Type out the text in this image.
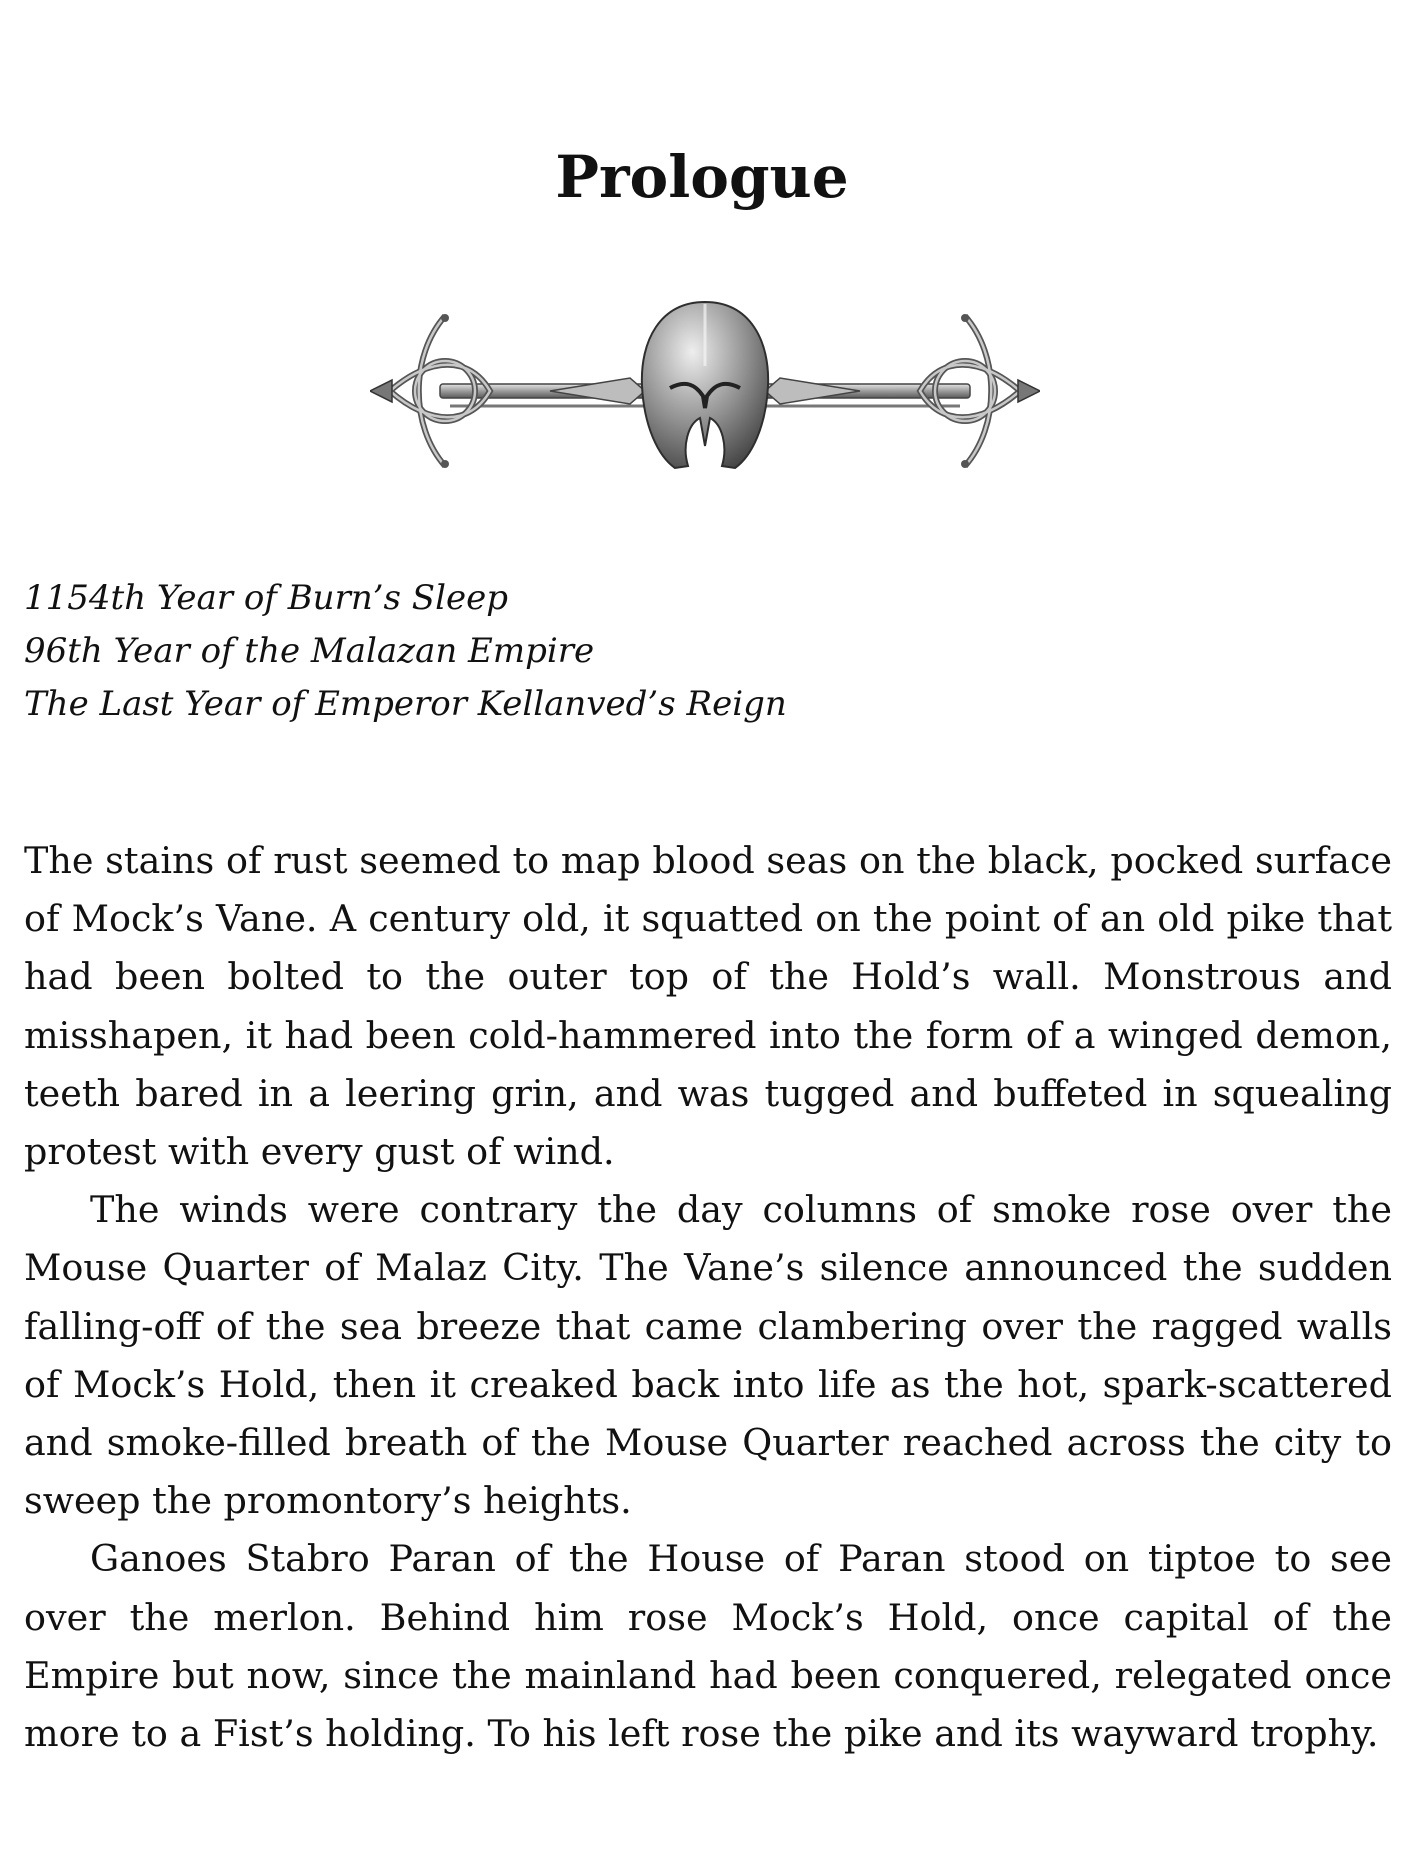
Prologue
1154th Year of Burn’s Sleep
96th Year of the Malazan Empire
The Last Year of Emperor Kellanved’s Reign

The stains of rust seemed to map blood seas on the black, pocked surface of Mock’s Vane. A century old, it squatted on the point of an old pike that had been bolted to the outer top of the Hold’s wall. Monstrous and misshapen, it had been cold-hammered into the form of a winged demon, teeth bared in a leering grin, and was tugged and buffeted in squealing protest with every gust of wind.

The winds were contrary the day columns of smoke rose over the Mouse Quarter of Malaz City. The Vane’s silence announced the sudden falling-off of the sea breeze that came clambering over the ragged walls of Mock’s Hold, then it creaked back into life as the hot, spark-scattered and smoke-filled breath of the Mouse Quarter reached across the city to sweep the promontory’s heights.

Ganoes Stabro Paran of the House of Paran stood on tiptoe to see over the merlon. Behind him rose Mock’s Hold, once capital of the Empire but now, since the mainland had been conquered, relegated once more to a Fist’s holding. To his left rose the pike and its wayward trophy.
